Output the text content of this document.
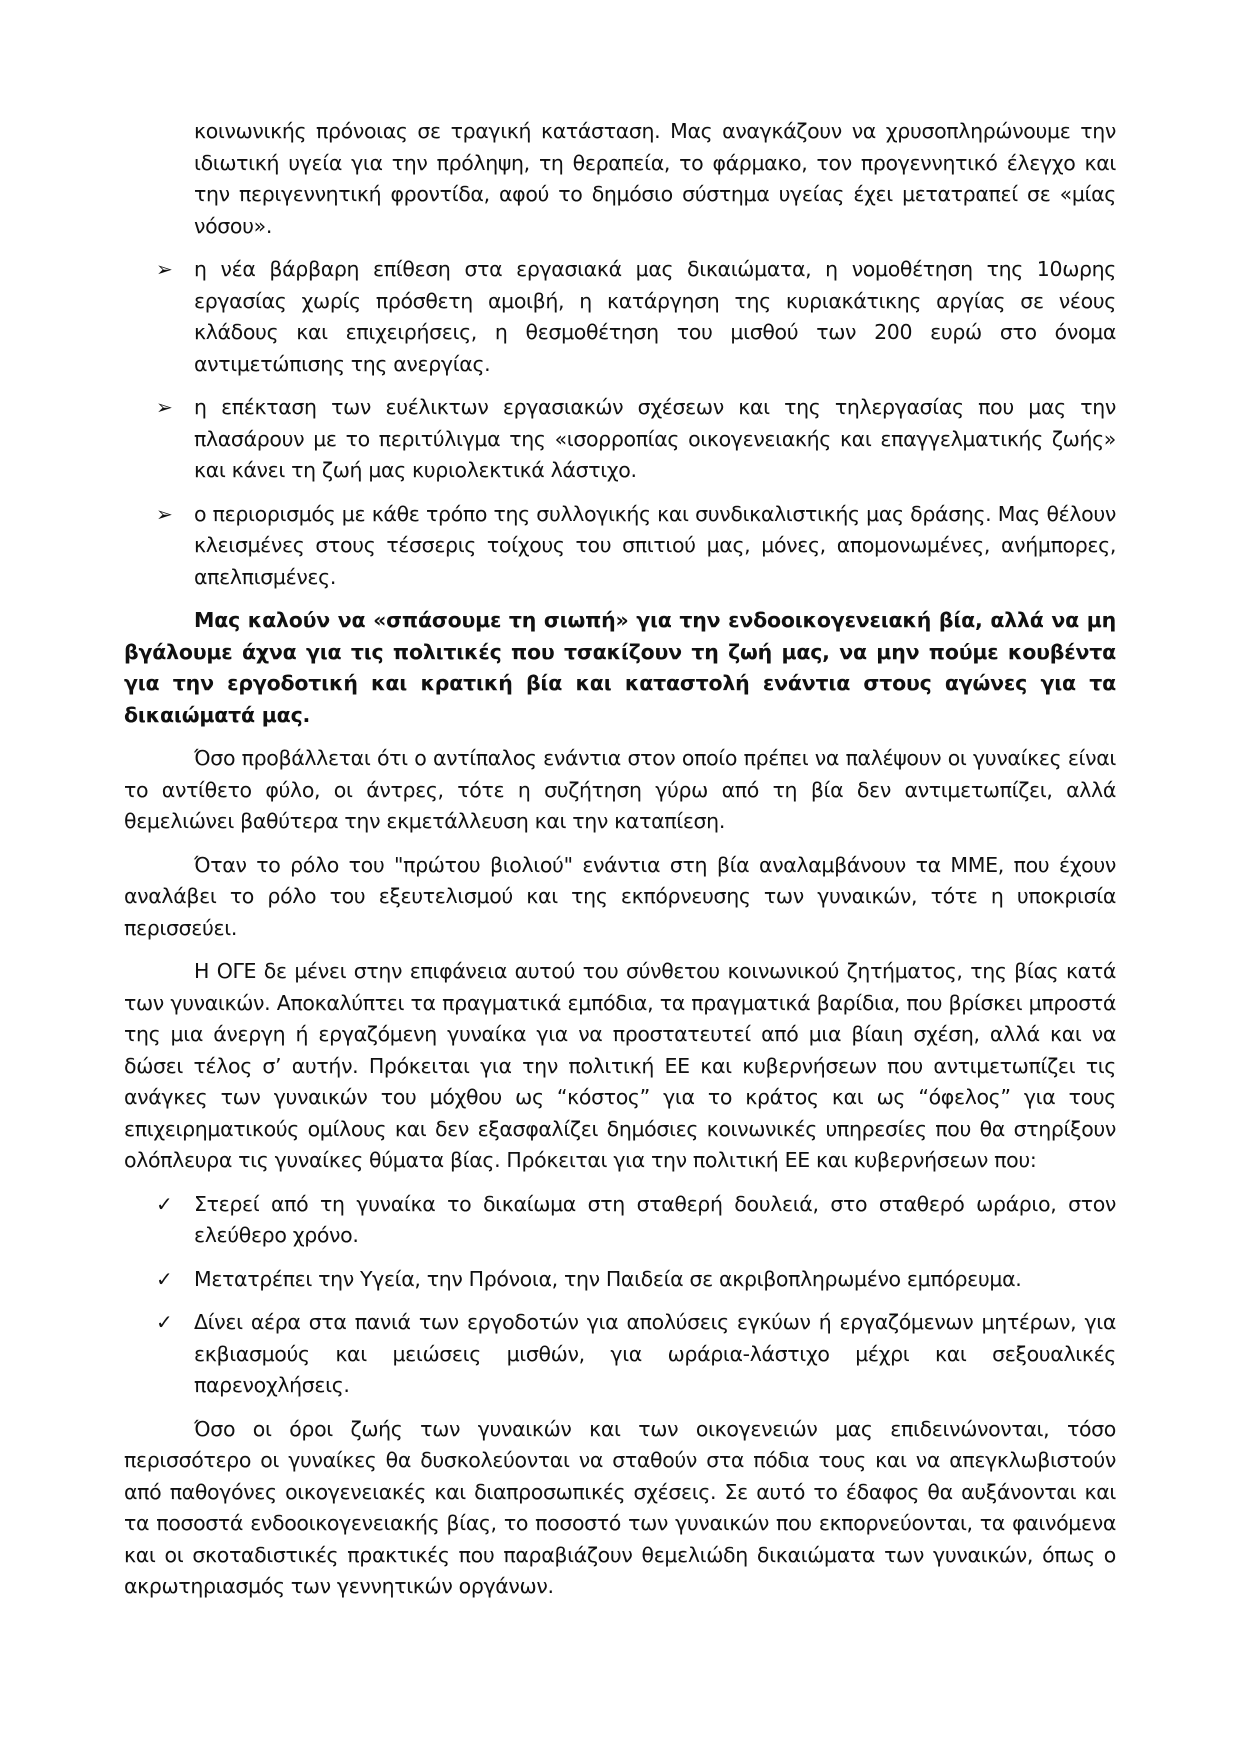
κοινωνικής πρόνοιας σε τραγική κατάσταση. Μας αναγκάζουν να χρυσοπληρώνουμε την ιδιωτική υγεία για την πρόληψη, τη θεραπεία, το φάρμακο, τον προγεννητικό έλεγχο και την περιγεννητική φροντίδα, αφού το δημόσιο σύστημα υγείας έχει μετατραπεί σε «μίας νόσου».

➢	η νέα βάρβαρη επίθεση στα εργασιακά μας δικαιώματα, η νομοθέτηση της 10ωρης εργασίας χωρίς πρόσθετη αμοιβή, η κατάργηση της κυριακάτικης αργίας σε νέους κλάδους και επιχειρήσεις, η θεσμοθέτηση του μισθού των 200 ευρώ στο όνομα αντιμετώπισης της ανεργίας.
➢	η επέκταση των ευέλικτων εργασιακών σχέσεων και της τηλεργασίας που μας την πλασάρουν με το περιτύλιγμα της «ισορροπίας οικογενειακής και επαγγελματικής ζωής» και κάνει τη ζωή μας κυριολεκτικά λάστιχο.
➢	ο περιορισμός με κάθε τρόπο της συλλογικής και συνδικαλιστικής μας δράσης. Μας θέλουν κλεισμένες στους τέσσερις τοίχους του σπιτιού μας, μόνες, απομονωμένες, ανήμπορες, απελπισμένες.

Μας καλούν να «σπάσουμε τη σιωπή» για την ενδοοικογενειακή βία, αλλά να μη βγάλουμε άχνα για τις πολιτικές που τσακίζουν τη ζωή μας, να μην πούμε κουβέντα για την εργοδοτική και κρατική βία και καταστολή ενάντια στους αγώνες για τα δικαιώματά μας.

Όσο προβάλλεται ότι ο αντίπαλος ενάντια στον οποίο πρέπει να παλέψουν οι γυναίκες είναι το αντίθετο φύλο, οι άντρες, τότε η συζήτηση γύρω από τη βία δεν αντιμετωπίζει, αλλά θεμελιώνει βαθύτερα την εκμετάλλευση και την καταπίεση.

Όταν το ρόλο του "πρώτου βιολιού" ενάντια στη βία αναλαμβάνουν τα ΜΜΕ, που έχουν αναλάβει το ρόλο του εξευτελισμού και της εκπόρνευσης των γυναικών, τότε η υποκρισία περισσεύει.

Η ΟΓΕ δε μένει στην επιφάνεια αυτού του σύνθετου κοινωνικού ζητήματος, της βίας κατά των γυναικών. Αποκαλύπτει τα πραγματικά εμπόδια, τα πραγματικά βαρίδια, που βρίσκει μπροστά της μια άνεργη ή εργαζόμενη γυναίκα για να προστατευτεί από μια βίαιη σχέση, αλλά και να δώσει τέλος σ’ αυτήν. Πρόκειται για την πολιτική ΕΕ και κυβερνήσεων που αντιμετωπίζει τις ανάγκες των γυναικών του μόχθου ως “κόστος” για το κράτος και ως “όφελος” για τους επιχειρηματικούς ομίλους και δεν εξασφαλίζει δημόσιες κοινωνικές υπηρεσίες που θα στηρίξουν ολόπλευρα τις γυναίκες θύματα βίας. Πρόκειται για την πολιτική ΕΕ και κυβερνήσεων που:

✓	Στερεί από τη γυναίκα το δικαίωμα στη σταθερή δουλειά, στο σταθερό ωράριο, στον ελεύθερο χρόνο.
✓	Μετατρέπει την Υγεία, την Πρόνοια, την Παιδεία σε ακριβοπληρωμένο εμπόρευμα.
✓	Δίνει αέρα στα πανιά των εργοδοτών για απολύσεις εγκύων ή εργαζόμενων μητέρων, για εκβιασμούς και μειώσεις μισθών, για ωράρια-λάστιχο μέχρι και σεξουαλικές παρενοχλήσεις.

Όσο οι όροι ζωής των γυναικών και των οικογενειών μας επιδεινώνονται, τόσο περισσότερο οι γυναίκες θα δυσκολεύονται να σταθούν στα πόδια τους και να απεγκλωβιστούν από παθογόνες οικογενειακές και διαπροσωπικές σχέσεις. Σε αυτό το έδαφος θα αυξάνονται και τα ποσοστά ενδοοικογενειακής βίας, το ποσοστό των γυναικών που εκπορνεύονται, τα φαινόμενα και οι σκοταδιστικές πρακτικές που παραβιάζουν θεμελιώδη δικαιώματα των γυναικών, όπως ο ακρωτηριασμός των γεννητικών οργάνων.
